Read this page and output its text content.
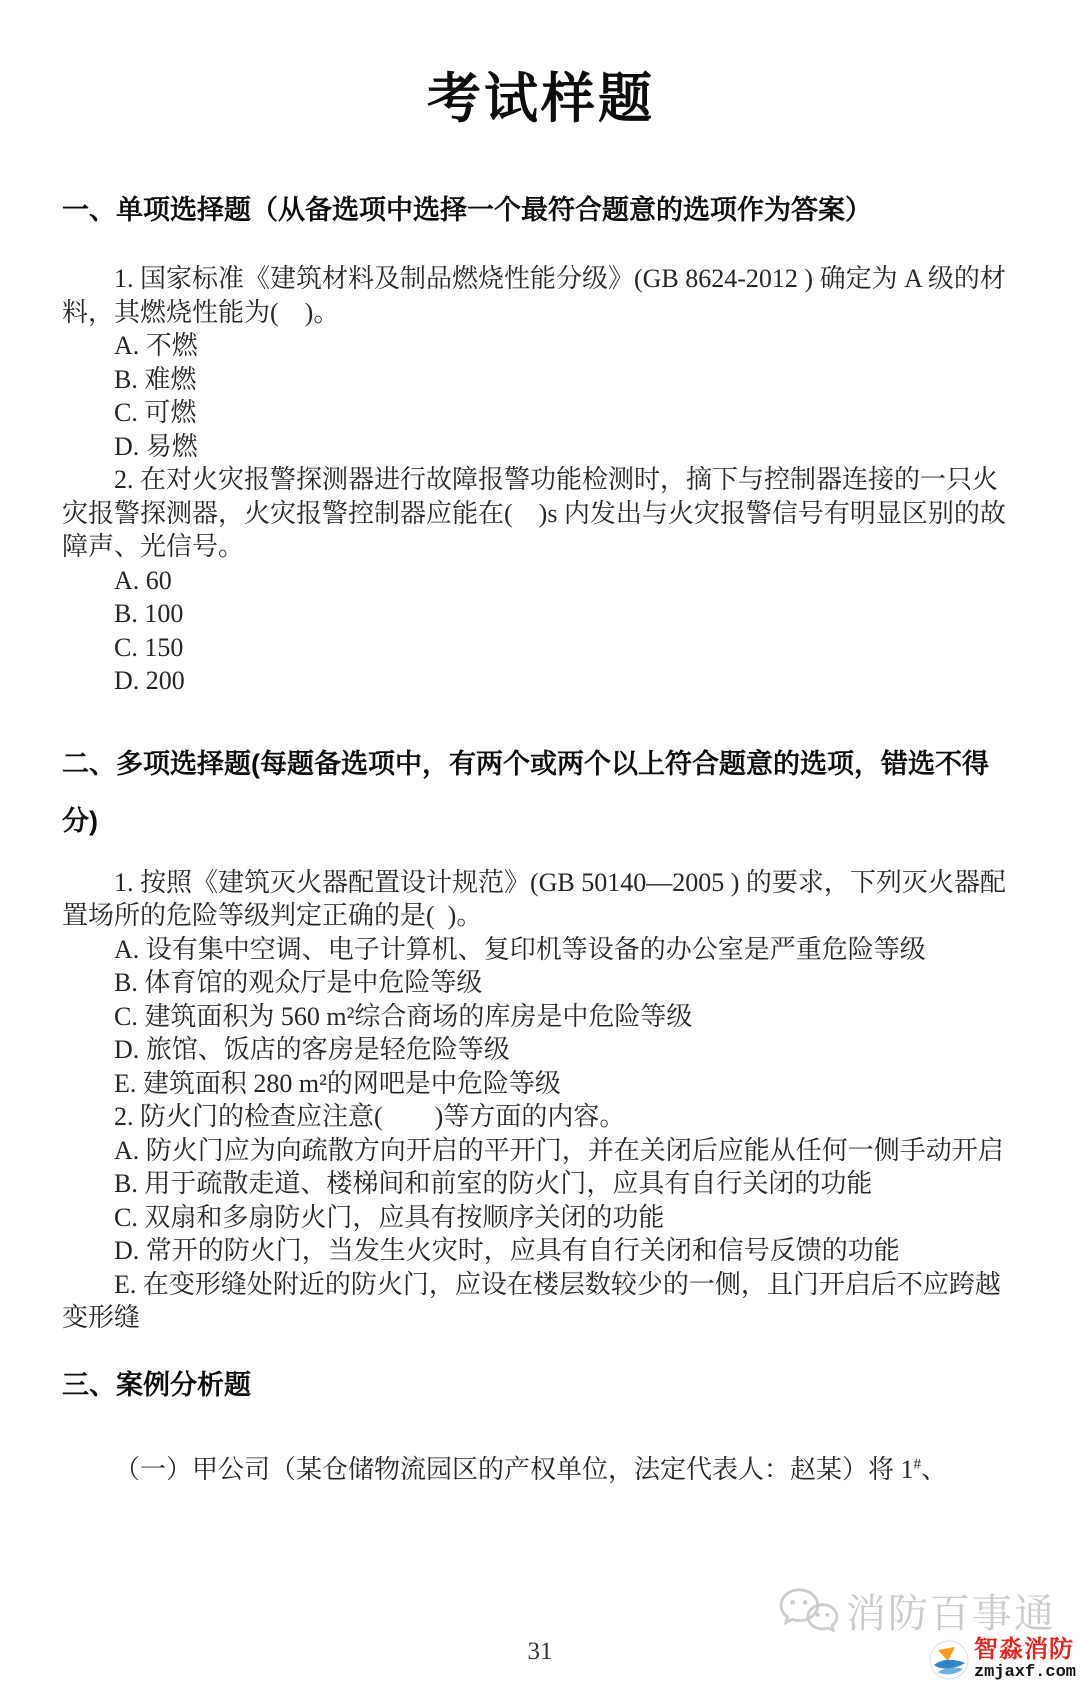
考试样题
一、单项选择题（从备选项中选择一个最符合题意的选项作为答案）

1. 国家标准《建筑材料及制品燃烧性能分级》(GB 8624-2012 ) 确定为 A 级的材料，其燃烧性能为(    )。

A. 不燃

B. 难燃

C. 可燃

D. 易燃

2. 在对火灾报警探测器进行故障报警功能检测时，摘下与控制器连接的一只火灾报警探测器，火灾报警控制器应能在(    )s 内发出与火灾报警信号有明显区别的故障声、光信号。

A. 60

B. 100

C. 150

D. 200

二、多项选择题(每题备选项中，有两个或两个以上符合题意的选项，错选不得
分)

1. 按照《建筑灭火器配置设计规范》(GB 50140—2005 ) 的要求，下列灭火器配置场所的危险等级判定正确的是(  )。

A. 设有集中空调、电子计算机、复印机等设备的办公室是严重危险等级

B. 体育馆的观众厅是中危险等级

C. 建筑面积为 560 m²综合商场的库房是中危险等级

D. 旅馆、饭店的客房是轻危险等级

E. 建筑面积 280 m²的网吧是中危险等级

2. 防火门的检查应注意(        )等方面的内容。

A. 防火门应为向疏散方向开启的平开门，并在关闭后应能从任何一侧手动开启

B. 用于疏散走道、楼梯间和前室的防火门，应具有自行关闭的功能

C. 双扇和多扇防火门，应具有按顺序关闭的功能

D. 常开的防火门，当发生火灾时，应具有自行关闭和信号反馈的功能

E. 在变形缝处附近的防火门，应设在楼层数较少的一侧，且门开启后不应跨越变形缝

三、案例分析题

（一）甲公司（某仓储物流园区的产权单位，法定代表人：赵某）将 1#、

消防百事通
智淼消防
zmjaxf.com
31
